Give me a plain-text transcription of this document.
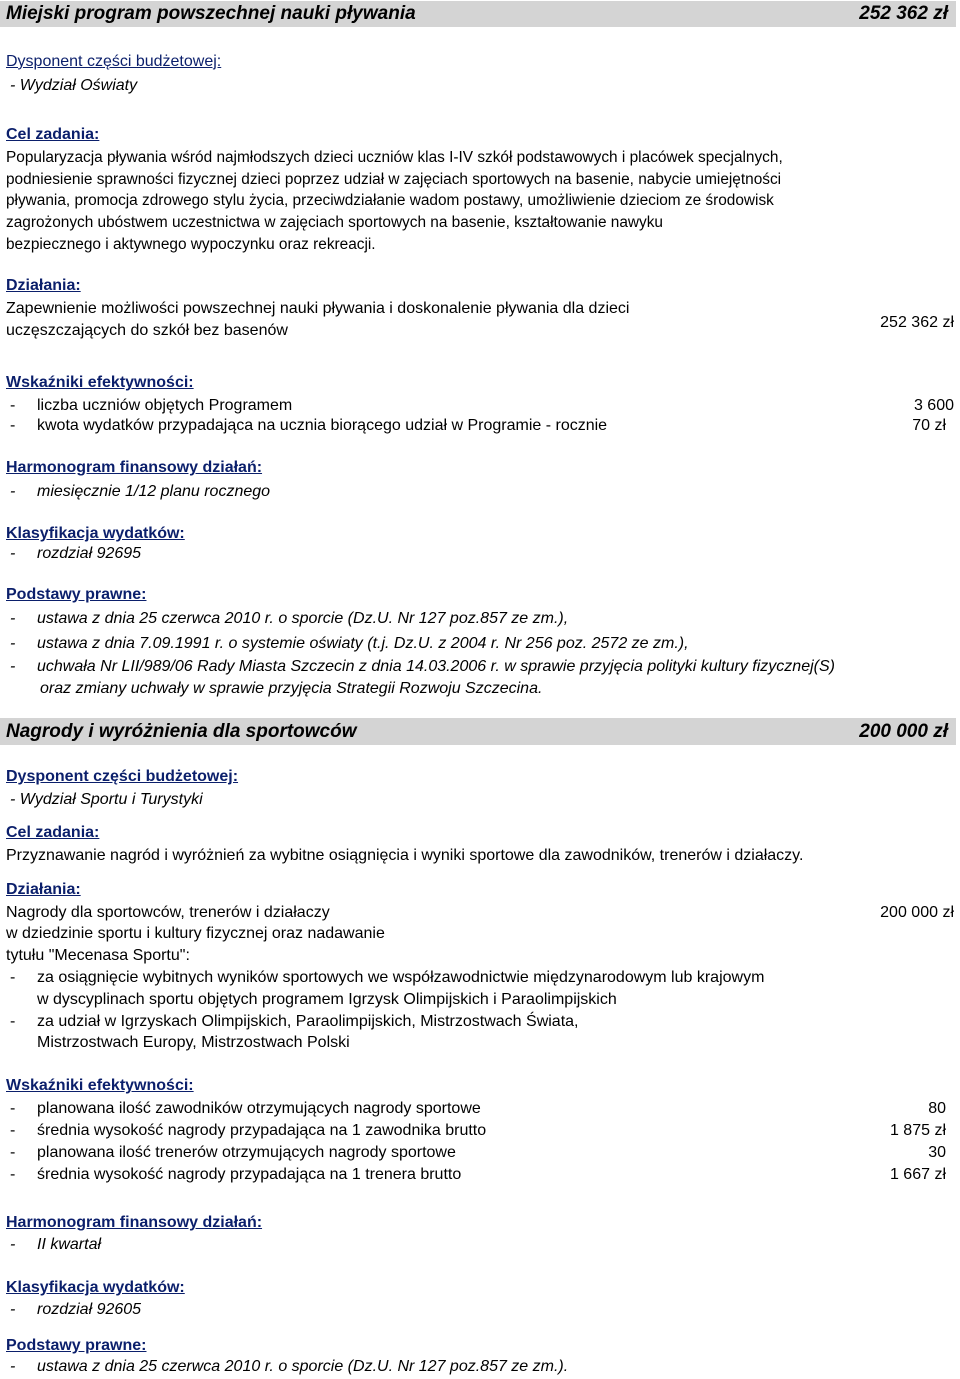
Miejski program powszechnej nauki pływania	252 362 zł
Dysponent części budżetowej:
- Wydział Oświaty
Cel zadania:
Popularyzacja pływania wśród najmłodszych dzieci uczniów klas I-IV szkół podstawowych i placówek specjalnych,
podniesienie sprawności fizycznej dzieci poprzez udział w zajęciach sportowych na basenie, nabycie umiejętności
pływania, promocja zdrowego stylu życia, przeciwdziałanie wadom postawy, umożliwienie dzieciom ze środowisk
zagrożonych ubóstwem uczestnictwa w zajęciach sportowych na basenie, kształtowanie nawyku
bezpiecznego i aktywnego wypoczynku oraz rekreacji.
Działania:
Zapewnienie możliwości powszechnej nauki pływania i doskonalenie pływania dla dzieci
uczęszczających do szkół bez basenów	252 362 zł
Wskaźniki efektywności:
- liczba uczniów objętych Programem	3 600
- kwota wydatków przypadająca na ucznia biorącego udział w Programie - rocznie	70 zł
Harmonogram finansowy działań:
- miesięcznie 1/12 planu rocznego
Klasyfikacja wydatków:
- rozdział 92695
Podstawy prawne:
- ustawa z dnia 25 czerwca 2010 r. o sporcie (Dz.U. Nr 127 poz.857 ze zm.),
- ustawa z dnia 7.09.1991 r. o systemie oświaty (t.j. Dz.U. z 2004 r. Nr 256 poz. 2572 ze zm.),
- uchwała Nr LII/989/06 Rady Miasta Szczecin z dnia 14.03.2006 r. w sprawie przyjęcia polityki kultury fizycznej(S)
oraz zmiany uchwały w sprawie przyjęcia Strategii Rozwoju Szczecina.
Nagrody i wyróżnienia dla sportowców	200 000 zł
Dysponent części budżetowej:
- Wydział Sportu i Turystyki
Cel zadania:
Przyznawanie nagród i wyróżnień za wybitne osiągnięcia i wyniki sportowe dla zawodników, trenerów i działaczy.
Działania:
Nagrody dla sportowców, trenerów i działaczy	200 000 zł
w dziedzinie sportu i kultury fizycznej oraz nadawanie
tytułu "Mecenasa Sportu":
- za osiągnięcie wybitnych wyników sportowych we współzawodnictwie międzynarodowym lub krajowym
w dyscyplinach sportu objętych programem Igrzysk Olimpijskich i Paraolimpijskich
- za udział w Igrzyskach Olimpijskich, Paraolimpijskich, Mistrzostwach Świata,
Mistrzostwach Europy, Mistrzostwach Polski
Wskaźniki efektywności:
- planowana ilość zawodników otrzymujących nagrody sportowe	80
- średnia wysokość nagrody przypadająca na 1 zawodnika brutto	1 875 zł
- planowana ilość trenerów otrzymujących nagrody sportowe	30
- średnia wysokość nagrody przypadająca na 1 trenera brutto	1 667 zł
Harmonogram finansowy działań:
- II kwartał
Klasyfikacja wydatków:
- rozdział 92605
Podstawy prawne:
- ustawa z dnia 25 czerwca 2010 r. o sporcie (Dz.U. Nr 127 poz.857 ze zm.).
